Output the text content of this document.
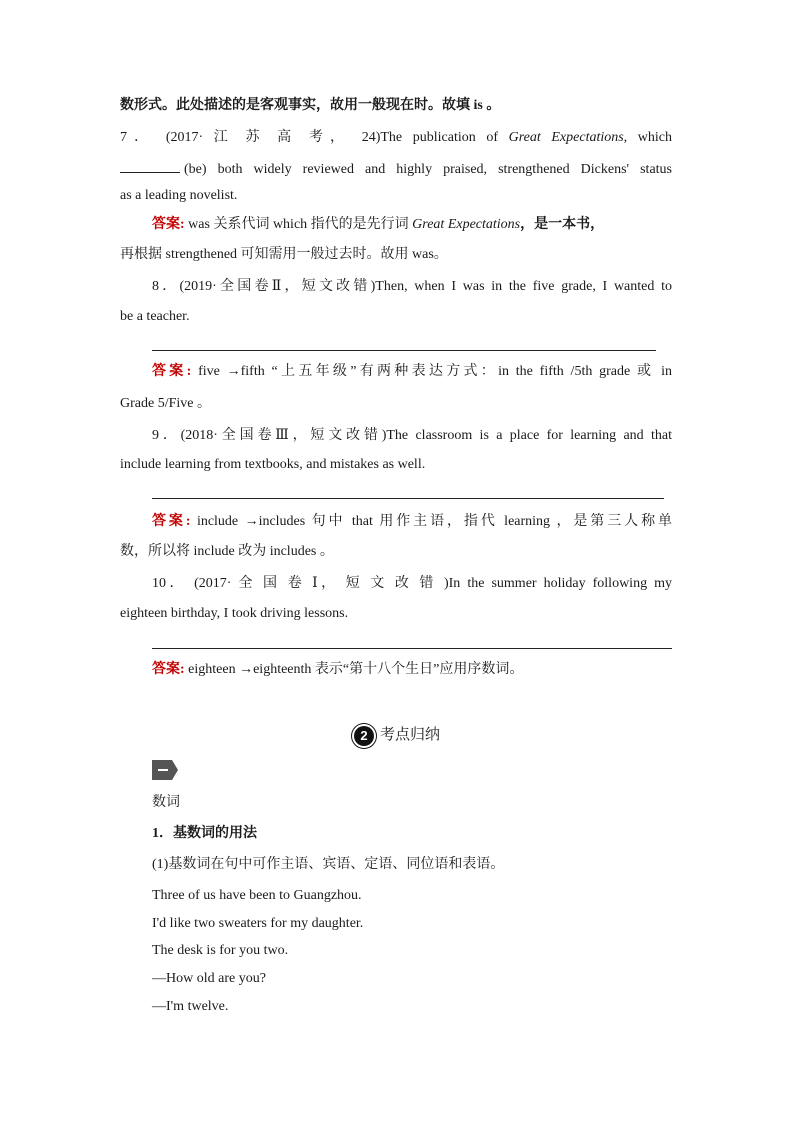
数形式。此处描述的是客观事实，故用一般现在时。故填 is 。
7． (2017· 江 苏 高 考， 24)The publication of Great Expectations, which
(be) both widely reviewed and highly praised, strengthened Dickens' status
as a leading novelist.
答案: was 关系代词 which 指代的是先行词 Great Expectations，是一本书，
再根据 strengthened 可知需用一般过去时。故用 was。
8．(2019·全国卷Ⅱ，短文改错)Then, when I was in the five grade, I wanted to
be a teacher.
答案: five →fifth “上五年级”有两种表达方式：in the fifth /5th grade 或 in
Grade 5/Five 。
9．(2018·全国卷Ⅲ，短文改错)The classroom is a place for learning and that
include learning from textbooks, and mistakes as well.
答案: include →includes 句中 that 用作主语，指代 learning ，是第三人称单
数，所以将 include 改为 includes 。
10． (2017· 全 国 卷 Ⅰ， 短 文 改 错 )In the summer holiday following my
eighteen birthday, I took driving lessons.
答案: eighteen →eighteenth 表示“第十八个生日”应用序数词。
2 考点归纳
数词
1．基数词的用法
(1)基数词在句中可作主语、宾语、定语、同位语和表语。
Three of us have been to Guangzhou.
I'd like two sweaters for my daughter.
The desk is for you two.
—How old are you?
—I'm twelve.
